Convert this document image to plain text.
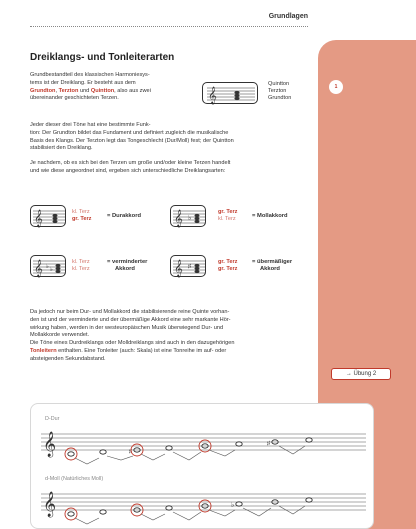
Grundlagen
1
→ Übung 2
Dreiklangs- und Tonleiterarten

Grundbestandteil des klassischen Harmoniesys-
tems ist der Dreiklang. Er besteht aus dem
Grundton, Terzton und Quintton, also aus zwei
übereinander geschichteten Terzen.	𝄞
Quintton
Terzton
Grundton

Jeder dieser drei Töne hat eine bestimmte Funk-
tion: Der Grundton bildet das Fundament und definiert zugleich die musikalische
Basis des Klangs. Der Terzton legt das Tongeschlecht (Dur/Moll) fest; der Quintton
stabilisiert den Dreiklang.

Je nachdem, ob es sich bei den Terzen um große und/oder kleine Terzen handelt
und wie diese angeordnet sind, ergeben sich unterschiedliche Dreiklangsarten:

𝄞	kl. Terz
gr. Terz	= Durakkord 𝄞 ♭
gr. Terz
kl. Terz	= Mollakkord
𝄞 ♭ ♭
kl. Terz
kl. Terz
= verminderter
Akkord	𝄞 ♯
gr. Terz
gr. Terz
= übermäßiger
Akkord

Da jedoch nur beim Dur- und Mollakkord die stabilisierende reine Quinte vorhan-
den ist und der verminderte und der übermäßige Akkord eine sehr markante Hör-
wirkung haben, werden in der westeuropäischen Musik überwiegend Dur- und
Mollakkorde verwendet.
Die Töne eines Durdreiklangs oder Molldreiklangs sind auch in den dazugehörigen
Tonleitern enthalten. Eine Tonleiter (auch: Skala) ist eine Tonreihe im auf- oder
absteigenden Sekundabstand.

D-Dur
𝄞	♯
♯
d-Moll (Natürliches Moll)
𝄞	♭
